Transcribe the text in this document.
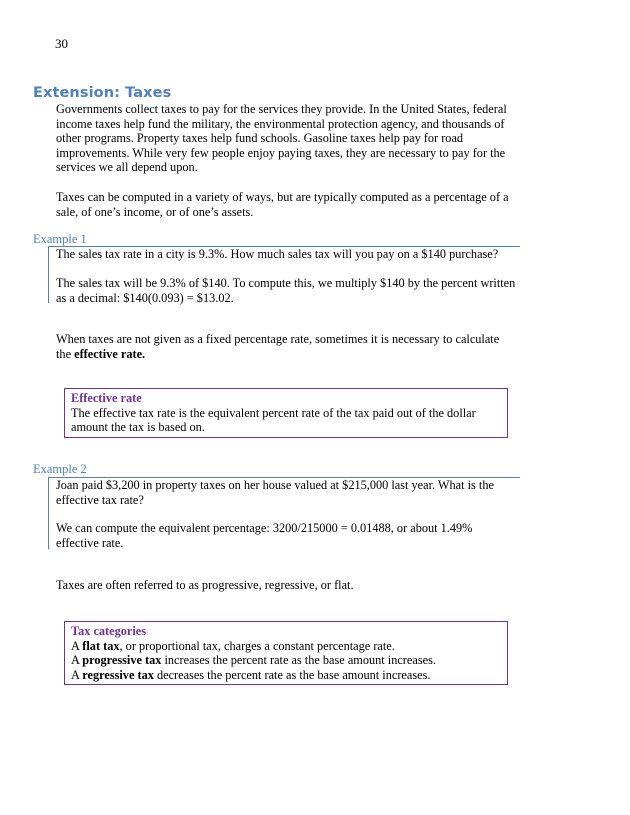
30
Extension: Taxes

Governments collect taxes to pay for the services they provide. In the United States, federal income taxes help fund the military, the environmental protection agency, and thousands of other programs. Property taxes help fund schools. Gasoline taxes help pay for road improvements. While very few people enjoy paying taxes, they are necessary to pay for the services we all depend upon.

Taxes can be computed in a variety of ways, but are typically computed as a percentage of a sale, of one’s income, or of one’s assets.

Example 1

The sales tax rate in a city is 9.3%. How much sales tax will you pay on a $140 purchase?

The sales tax will be 9.3% of $140. To compute this, we multiply $140 by the percent written as a decimal: $140(0.093) = $13.02.

When taxes are not given as a fixed percentage rate, sometimes it is necessary to calculate the effective rate.

Effective rate
The effective tax rate is the equivalent percent rate of the tax paid out of the dollar amount the tax is based on.
Example 2

Joan paid $3,200 in property taxes on her house valued at $215,000 last year. What is the effective tax rate?

We can compute the equivalent percentage: 3200/215000 = 0.01488, or about 1.49% effective rate.

Taxes are often referred to as progressive, regressive, or flat.

Tax categories
A flat tax, or proportional tax, charges a constant percentage rate.
A progressive tax increases the percent rate as the base amount increases.
A regressive tax decreases the percent rate as the base amount increases.
